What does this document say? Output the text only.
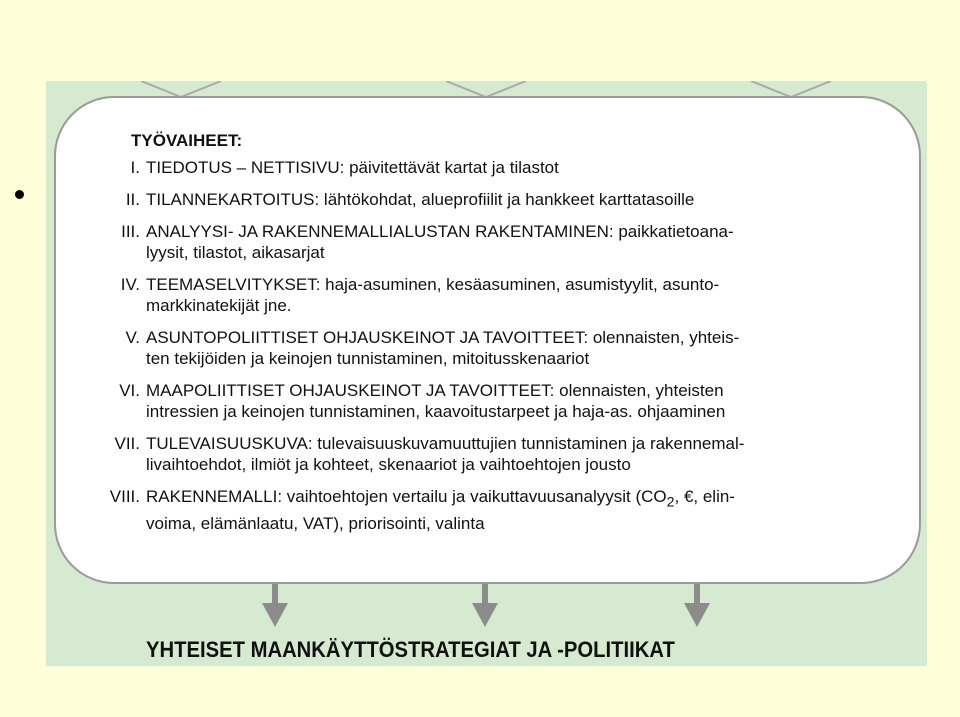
TYÖVAIHEET:
I. TIEDOTUS – NETTISIVU: päivitettävät kartat ja tilastot
II. TILANNEKARTOITUS: lähtökohdat, alueprofiilit ja hankkeet karttatasoille
III. ANALYYSI- JA RAKENNEMALLIALUSTAN RAKENTAMINEN: paikkatietoana-
lyysit, tilastot, aikasarjat
IV. TEEMASELVITYKSET: haja-asuminen, kesäasuminen, asumistyylit, asunto-
markkinatekijät jne.
V. ASUNTOPOLIITTISET OHJAUSKEINOT JA TAVOITTEET: olennaisten, yhteis-
ten tekijöiden ja keinojen tunnistaminen, mitoitusskenaariot
VI. MAAPOLIITTISET OHJAUSKEINOT JA TAVOITTEET: olennaisten, yhteisten
intressien ja keinojen tunnistaminen, kaavoitustarpeet ja haja-as. ohjaaminen
VII. TULEVAISUUSKUVA: tulevaisuuskuvamuuttujien tunnistaminen ja rakennemal-
livaihtoehdot, ilmiöt ja kohteet, skenaariot ja vaihtoehtojen jousto
VIII. RAKENNEMALLI: vaihtoehtojen vertailu ja vaikuttavuusanalyysit ($CO_2$, €, elin-
voima, elämänlaatu, VAT), priorisointi, valinta
YHTEISET MAANKÄYTTÖSTRATEGIAT JA -POLITIIKAT
